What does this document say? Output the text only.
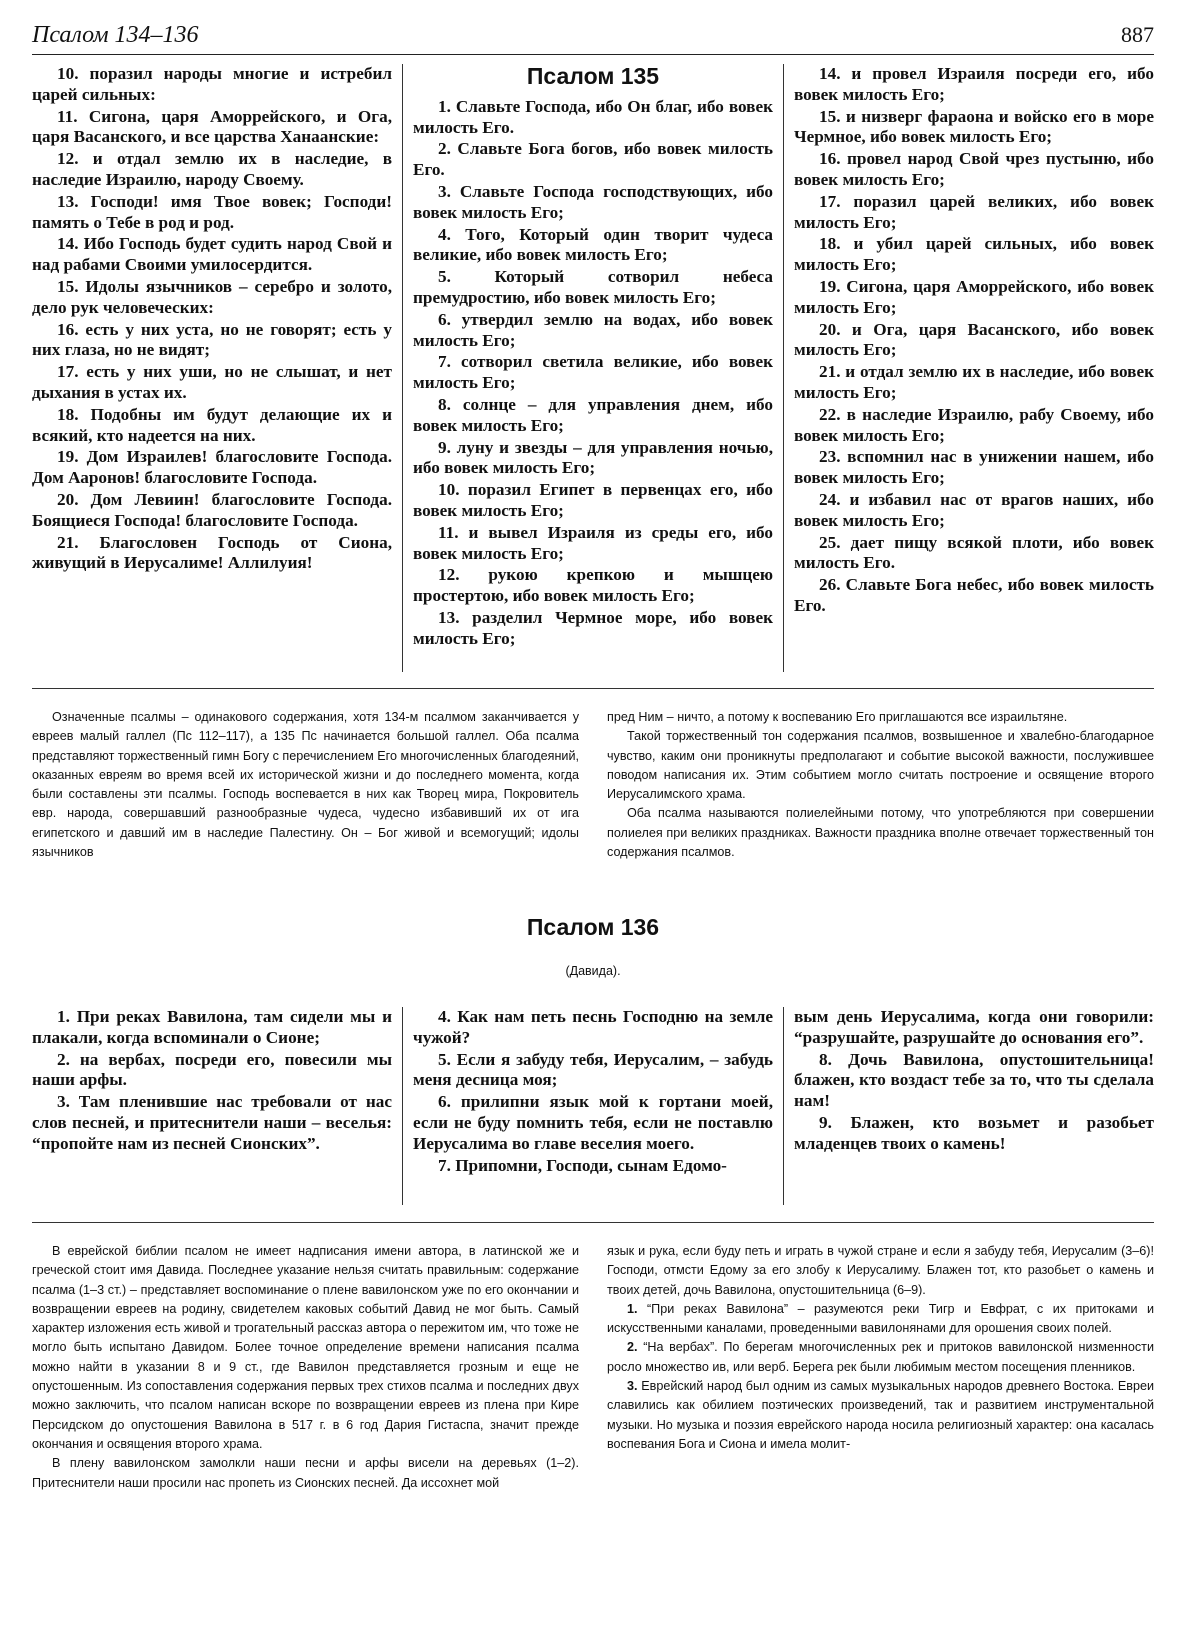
Псалом 134–136	887

10. поразил народы многие и истребил царей сильных:

11. Сигона, царя Аморрейского, и Ога, царя Васанского, и все царства Ханаанские:

12. и отдал землю их в наследие, в наследие Израилю, народу Своему.

13. Господи! имя Твое вовек; Господи! память о Тебе в род и род.

14. Ибо Господь будет судить народ Свой и над рабами Своими умилосердится.

15. Идолы язычников – серебро и золото, дело рук человеческих:

16. есть у них уста, но не говорят; есть у них глаза, но не видят;

17. есть у них уши, но не слышат, и нет дыхания в устах их.

18. Подобны им будут делающие их и всякий, кто надеется на них.

19. Дом Израилев! благословите Господа. Дом Ааронов! благословите Господа.

20. Дом Левиин! благословите Господа. Боящиеся Господа! благословите Господа.

21. Благословен Господь от Сиона, живущий в Иерусалиме! Аллилуия!

Псалом 135

1. Славьте Господа, ибо Он благ, ибо вовек милость Его.

2. Славьте Бога богов, ибо вовек милость Его.

3. Славьте Господа господствующих, ибо вовек милость Его;

4. Того, Который один творит чудеса великие, ибо вовек милость Его;

5. Который сотворил небеса премудростию, ибо вовек милость Его;

6. утвердил землю на водах, ибо вовек милость Его;

7. сотворил светила великие, ибо вовек милость Его;

8. солнце – для управления днем, ибо вовек милость Его;

9. луну и звезды – для управления ночью, ибо вовек милость Его;

10. поразил Египет в первенцах его, ибо вовек милость Его;

11. и вывел Израиля из среды его, ибо вовек милость Его;

12. рукою крепкою и мышцею простертою, ибо вовек милость Его;

13. разделил Чермное море, ибо вовек милость Его;

14. и провел Израиля посреди его, ибо вовек милость Его;

15. и низверг фараона и войско его в море Чермное, ибо вовек милость Его;

16. провел народ Свой чрез пустыню, ибо вовек милость Его;

17. поразил царей великих, ибо вовек милость Его;

18. и убил царей сильных, ибо вовек милость Его;

19. Сигона, царя Аморрейского, ибо вовек милость Его;

20. и Ога, царя Васанского, ибо вовек милость Его;

21. и отдал землю их в наследие, ибо вовек милость Его;

22. в наследие Израилю, рабу Своему, ибо вовек милость Его;

23. вспомнил нас в унижении нашем, ибо вовек милость Его;

24. и избавил нас от врагов наших, ибо вовек милость Его;

25. дает пищу всякой плоти, ибо вовек милость Его.

26. Славьте Бога небес, ибо вовек милость Его.

Означенные псалмы – одинакового содержания, хотя 134-м псалмом заканчивается у евреев малый галлел (Пс 112–117), а 135 Пс начинается большой галлел. Оба псалма представляют торжественный гимн Богу с перечислением Его многочисленных благодеяний, оказанных евреям во время всей их исторической жизни и до последнего момента, когда были составлены эти псалмы. Господь воспевается в них как Творец мира, Покровитель евр. народа, совершавший разнообразные чудеса, чудесно избавивший их от ига египетского и давший им в наследие Палестину. Он – Бог живой и всемогущий; идолы язычников

пред Ним – ничто, а потому к воспеванию Его приглашаются все израильтяне.

Такой торжественный тон содержания псалмов, возвышенное и хвалебно-благодарное чувство, каким они проникнуты предполагают и событие высокой важности, послужившее поводом написания их. Этим событием могло считать построение и освящение второго Иерусалимского храма.

Оба псалма называются полиелейными потому, что употребляются при совершении полиелея при великих праздниках. Важности праздника вполне отвечает торжественный тон содержания псалмов.

Псалом 136
(Давида).

1. При реках Вавилона, там сидели мы и плакали, когда вспоминали о Сионе;

2. на вербах, посреди его, повесили мы наши арфы.

3. Там пленившие нас требовали от нас слов песней, и притеснители наши – веселья: “пропойте нам из песней Сионских”.

4. Как нам петь песнь Господню на земле чужой?

5. Если я забуду тебя, Иерусалим, – забудь меня десница моя;

6. прилипни язык мой к гортани моей, если не буду помнить тебя, если не поставлю Иерусалима во главе веселия моего.

7. Припомни, Господи, сынам Едомо-

вым день Иерусалима, когда они говорили: “разрушайте, разрушайте до основания его”.

8. Дочь Вавилона, опустошительница! блажен, кто воздаст тебе за то, что ты сделала нам!

9. Блажен, кто возьмет и разобьет младенцев твоих о камень!

В еврейской библии псалом не имеет надписания имени автора, в латинской же и греческой стоит имя Давида. Последнее указание нельзя считать правильным: содержание псалма (1–3 ст.) – представляет воспоминание о плене вавилонском уже по его окончании и возвращении евреев на родину, свидетелем каковых событий Давид не мог быть. Самый характер изложения есть живой и трогательный рассказ автора о пережитом им, что тоже не могло быть испытано Давидом. Более точное определение времени написания псалма можно найти в указании 8 и 9 ст., где Вавилон представляется грозным и еще не опустошенным. Из сопоставления содержания первых трех стихов псалма и последних двух можно заключить, что псалом написан вскоре по возвращении евреев из плена при Кире Персидском до опустошения Вавилона в 517 г. в 6 год Дария Гистаспа, значит прежде окончания и освящения второго храма.

В плену вавилонском замолкли наши песни и арфы висели на деревьях (1–2). Притеснители наши просили нас пропеть из Сионских песней. Да иссохнет мой

язык и рука, если буду петь и играть в чужой стране и если я забуду тебя, Иерусалим (3–6)! Господи, отмсти Едому за его злобу к Иерусалиму. Блажен тот, кто разобьет о камень и твоих детей, дочь Вавилона, опустошительница (6–9).

1. “При реках Вавилона” – разумеются реки Тигр и Евфрат, с их притоками и искусственными каналами, проведенными вавилонянами для орошения своих полей.

2. “На вербах”. По берегам многочисленных рек и притоков вавилонской низменности росло множество ив, или верб. Берега рек были любимым местом посещения пленников.

3. Еврейский народ был одним из самых музыкальных народов древнего Востока. Евреи славились как обилием поэтических произведений, так и развитием инструментальной музыки. Но музыка и поэзия еврейского народа носила религиозный характер: она касалась воспевания Бога и Сиона и имела молит-
